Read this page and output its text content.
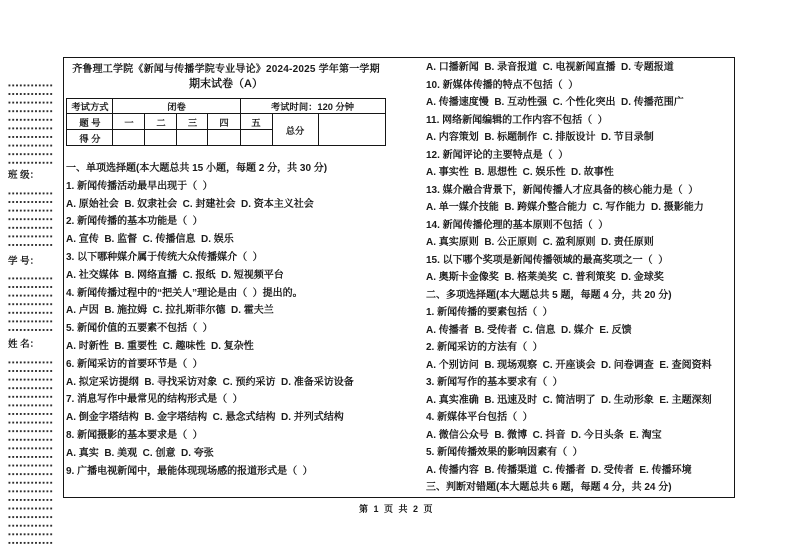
班 级：
学 号：
姓 名：
齐鲁理工学院《新闻与传播学院专业导论》2024-2025 学年第一学期
期末试卷（A）
考试方式	闭卷				考试时间：120 分钟		
题 号	一	二	三	四	五	总分	
得 分							

一、单项选择题(本大题总共 15 小题，每题 2 分，共 30 分)

1. 新闻传播活动最早出现于（  ）

A. 原始社会  B. 奴隶社会  C. 封建社会  D. 资本主义社会

2. 新闻传播的基本功能是（  ）

A. 宣传  B. 监督  C. 传播信息  D. 娱乐

3. 以下哪种媒介属于传统大众传播媒介（  ）

A. 社交媒体  B. 网络直播  C. 报纸  D. 短视频平台

4. 新闻传播过程中的“把关人”理论是由（  ）提出的。

A. 卢因  B. 施拉姆  C. 拉扎斯菲尔德  D. 霍夫兰

5. 新闻价值的五要素不包括（  ）

A. 时新性  B. 重要性  C. 趣味性  D. 复杂性

6. 新闻采访的首要环节是（  ）

A. 拟定采访提纲  B. 寻找采访对象  C. 预约采访  D. 准备采访设备

7. 消息写作中最常见的结构形式是（  ）

A. 倒金字塔结构  B. 金字塔结构  C. 悬念式结构  D. 并列式结构

8. 新闻摄影的基本要求是（  ）

A. 真实  B. 美观  C. 创意  D. 夸张

9. 广播电视新闻中，最能体现现场感的报道形式是（  ）

A. 口播新闻  B. 录音报道  C. 电视新闻直播  D. 专题报道

10. 新媒体传播的特点不包括（  ）

A. 传播速度慢  B. 互动性强  C. 个性化突出  D. 传播范围广

11. 网络新闻编辑的工作内容不包括（  ）

A. 内容策划  B. 标题制作  C. 排版设计  D. 节目录制

12. 新闻评论的主要特点是（  ）

A. 事实性  B. 思想性  C. 娱乐性  D. 故事性

13. 媒介融合背景下，新闻传播人才应具备的核心能力是（  ）

A. 单一媒介技能  B. 跨媒介整合能力  C. 写作能力  D. 摄影能力

14. 新闻传播伦理的基本原则不包括（  ）

A. 真实原则  B. 公正原则  C. 盈利原则  D. 责任原则

15. 以下哪个奖项是新闻传播领域的最高奖项之一（  ）

A. 奥斯卡金像奖  B. 格莱美奖  C. 普利策奖  D. 金球奖

二、多项选择题(本大题总共 5 题，每题 4 分，共 20 分)

1. 新闻传播的要素包括（  ）

A. 传播者  B. 受传者  C. 信息  D. 媒介  E. 反馈

2. 新闻采访的方法有（  ）

A. 个别访问  B. 现场观察  C. 开座谈会  D. 问卷调查  E. 查阅资料

3. 新闻写作的基本要求有（  ）

A. 真实准确  B. 迅速及时  C. 简洁明了  D. 生动形象  E. 主题深刻

4. 新媒体平台包括（  ）

A. 微信公众号  B. 微博  C. 抖音  D. 今日头条  E. 淘宝

5. 新闻传播效果的影响因素有（  ）

A. 传播内容  B. 传播渠道  C. 传播者  D. 受传者  E. 传播环境

三、判断对错题(本大题总共 6 题，每题 4 分，共 24 分)

第 1 页 共 2 页
